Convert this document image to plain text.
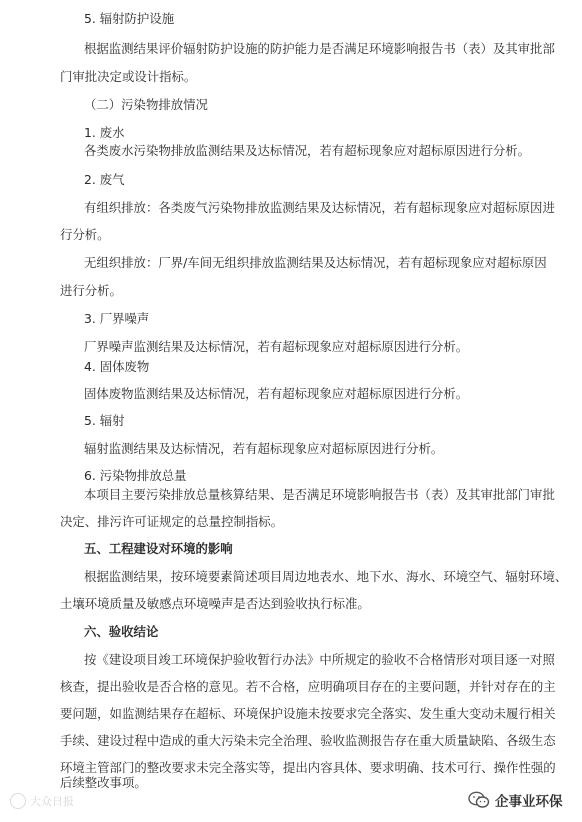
5. 辐射防护设施
根据监测结果评价辐射防护设施的防护能力是否满足环境影响报告书（表）及其审批部
门审批决定或设计指标。
（二）污染物排放情况
1. 废水
各类废水污染物排放监测结果及达标情况，若有超标现象应对超标原因进行分析。
2. 废气
有组织排放：各类废气污染物排放监测结果及达标情况，若有超标现象应对超标原因进
行分析。
无组织排放：厂界/车间无组织排放监测结果及达标情况，若有超标现象应对超标原因
进行分析。
3. 厂界噪声
厂界噪声监测结果及达标情况，若有超标现象应对超标原因进行分析。
4. 固体废物
固体废物监测结果及达标情况，若有超标现象应对超标原因进行分析。
5. 辐射
辐射监测结果及达标情况，若有超标现象应对超标原因进行分析。
6. 污染物排放总量
本项目主要污染排放总量核算结果、是否满足环境影响报告书（表）及其审批部门审批
决定、排污许可证规定的总量控制指标。
五、工程建设对环境的影响
根据监测结果，按环境要素简述项目周边地表水、地下水、海水、环境空气、辐射环境、
土壤环境质量及敏感点环境噪声是否达到验收执行标准。
六、验收结论
按《建设项目竣工环境保护验收暂行办法》中所规定的验收不合格情形对项目逐一对照
核查，提出验收是否合格的意见。若不合格，应明确项目存在的主要问题，并针对存在的主
要问题，如监测结果存在超标、环境保护设施未按要求完全落实、发生重大变动未履行相关
手续、建设过程中造成的重大污染未完全治理、验收监测报告存在重大质量缺陷、各级生态
环境主管部门的整改要求未完全落实等，提出内容具体、要求明确、技术可行、操作性强的
后续整改事项。
大众日报	企事业环保
